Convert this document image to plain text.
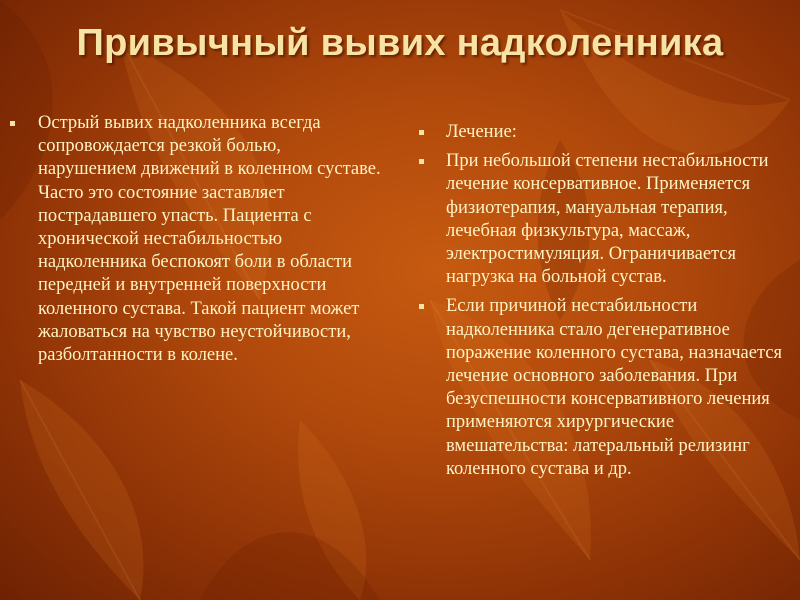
Привычный вывих надколенника
Острый вывих надколенника всегда сопровождается резкой болью, нарушением движений в коленном суставе. Часто это состояние заставляет пострадавшего упасть. Пациента с хронической нестабильностью надколенника беспокоят боли в области передней и внутренней поверхности коленного сустава. Такой пациент может жаловаться на чувство неустойчивости, разболтанности в колене.
Лечение:
При небольшой степени нестабильности лечение консервативное. Применяется физиотерапия, мануальная терапия, лечебная физкультура, массаж, электростимуляция. Ограничивается нагрузка на больной сустав.
Если причиной нестабильности надколенника стало дегенеративное поражение коленного сустава, назначается лечение основного заболевания. При безуспешности консервативного лечения применяются хирургические вмешательства: латеральный релизинг коленного сустава и др.
